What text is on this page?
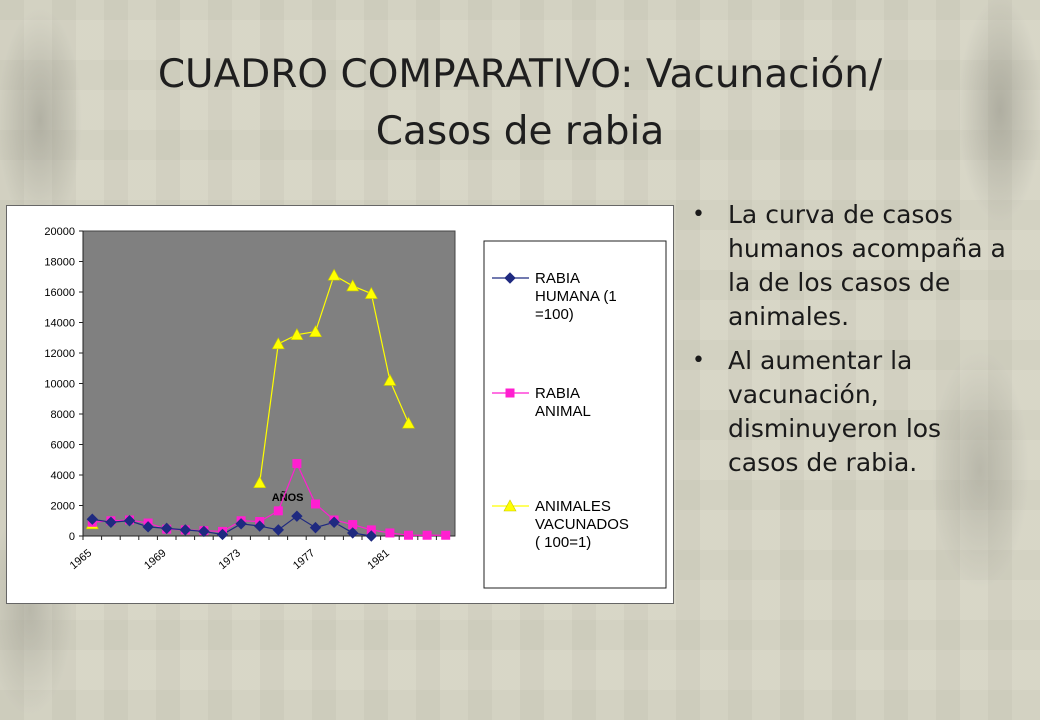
CUADRO COMPARATIVO: Vacunación/
Casos de rabia
0
2000
4000
6000
8000
10000
12000
14000
16000
18000
20000
1965	1969	1973	1977	1981
AÑOS
RABIA
HUMANA (1
=100)
RABIA
ANIMAL
ANIMALES
VACUNADOS
( 100=1)
• La curva de casos humanos acompaña a la de los casos de animales.
• Al aumentar la vacunación, disminuyeron los casos de rabia.
